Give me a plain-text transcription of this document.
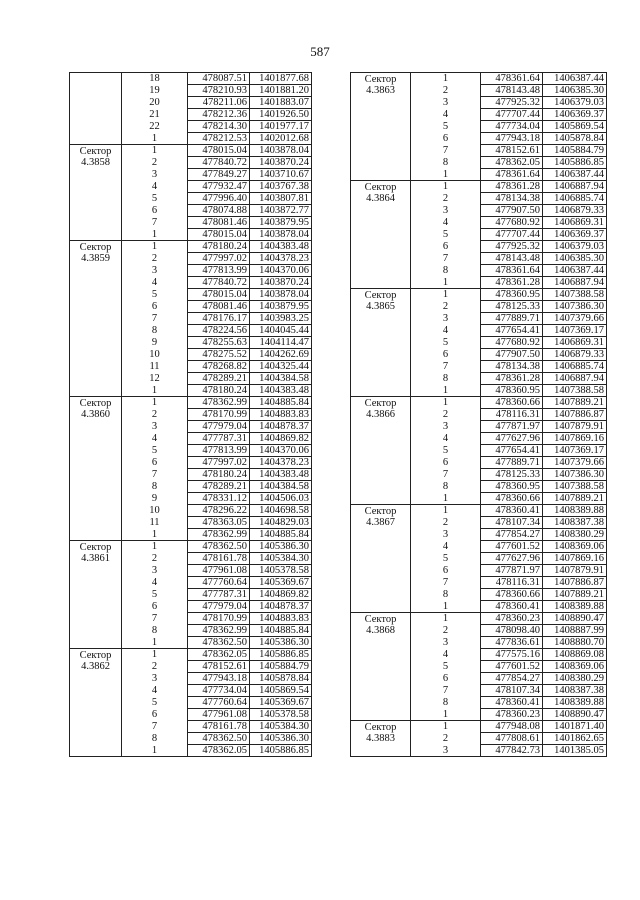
587
	18	478087.51	1401877.68
	19	478210.93	1401881.20
	20	478211.06	1401883.07
	21	478212.36	1401926.50
	22	478214.30	1401977.17
	1	478212.53	1402012.68

Сектор
4.3858	1	478015.04	1403878.04
	2	477840.72	1403870.24
	3	477849.27	1403710.67
	4	477932.47	1403767.38
	5	477996.40	1403807.81
	6	478074.88	1403872.77
	7	478081.46	1403879.95
	1	478015.04	1403878.04

Сектор
4.3859	1	478180.24	1404383.48
	2	477997.02	1404378.23
	3	477813.99	1404370.06
	4	477840.72	1403870.24
	5	478015.04	1403878.04
	6	478081.46	1403879.95
	7	478176.17	1403983.25
	8	478224.56	1404045.44
	9	478255.63	1404114.47
	10	478275.52	1404262.69
	11	478268.82	1404325.44
	12	478289.21	1404384.58
	1	478180.24	1404383.48

Сектор
4.3860	1	478362.99	1404885.84
	2	478170.99	1404883.83
	3	477979.04	1404878.37
	4	477787.31	1404869.82
	5	477813.99	1404370.06
	6	477997.02	1404378.23
	7	478180.24	1404383.48
	8	478289.21	1404384.58
	9	478331.12	1404506.03
	10	478296.22	1404698.58
	11	478363.05	1404829.03
	1	478362.99	1404885.84

Сектор
4.3861	1	478362.50	1405386.30
	2	478161.78	1405384.30
	3	477961.08	1405378.58
	4	477760.64	1405369.67
	5	477787.31	1404869.82
	6	477979.04	1404878.37
	7	478170.99	1404883.83
	8	478362.99	1404885.84
	1	478362.50	1405386.30

Сектор
4.3862	1	478362.05	1405886.85
	2	478152.61	1405884.79
	3	477943.18	1405878.84
	4	477734.04	1405869.54
	5	477760.64	1405369.67
	6	477961.08	1405378.58
	7	478161.78	1405384.30
	8	478362.50	1405386.30
	1	478362.05	1405886.85
Сектор
4.3863	1	478361.64	1406387.44
	2	478143.48	1406385.30
	3	477925.32	1406379.03
	4	477707.44	1406369.37
	5	477734.04	1405869.54
	6	477943.18	1405878.84
	7	478152.61	1405884.79
	8	478362.05	1405886.85
	1	478361.64	1406387.44

Сектор
4.3864	1	478361.28	1406887.94
	2	478134.38	1406885.74
	3	477907.50	1406879.33
	4	477680.92	1406869.31
	5	477707.44	1406369.37
	6	477925.32	1406379.03
	7	478143.48	1406385.30
	8	478361.64	1406387.44
	1	478361.28	1406887.94

Сектор
4.3865	1	478360.95	1407388.58
	2	478125.33	1407386.30
	3	477889.71	1407379.66
	4	477654.41	1407369.17
	5	477680.92	1406869.31
	6	477907.50	1406879.33
	7	478134.38	1406885.74
	8	478361.28	1406887.94
	1	478360.95	1407388.58

Сектор
4.3866	1	478360.66	1407889.21
	2	478116.31	1407886.87
	3	477871.97	1407879.91
	4	477627.96	1407869.16
	5	477654.41	1407369.17
	6	477889.71	1407379.66
	7	478125.33	1407386.30
	8	478360.95	1407388.58
	1	478360.66	1407889.21

Сектор
4.3867	1	478360.41	1408389.88
	2	478107.34	1408387.38
	3	477854.27	1408380.29
	4	477601.52	1408369.06
	5	477627.96	1407869.16
	6	477871.97	1407879.91
	7	478116.31	1407886.87
	8	478360.66	1407889.21
	1	478360.41	1408389.88

Сектор
4.3868	1	478360.23	1408890.47
	2	478098.40	1408887.99
	3	477836.61	1408880.70
	4	477575.16	1408869.08
	5	477601.52	1408369.06
	6	477854.27	1408380.29
	7	478107.34	1408387.38
	8	478360.41	1408389.88
	1	478360.23	1408890.47

Сектор
4.3883	1	477948.08	1401871.40
	2	477808.61	1401862.65
	3	477842.73	1401385.05
